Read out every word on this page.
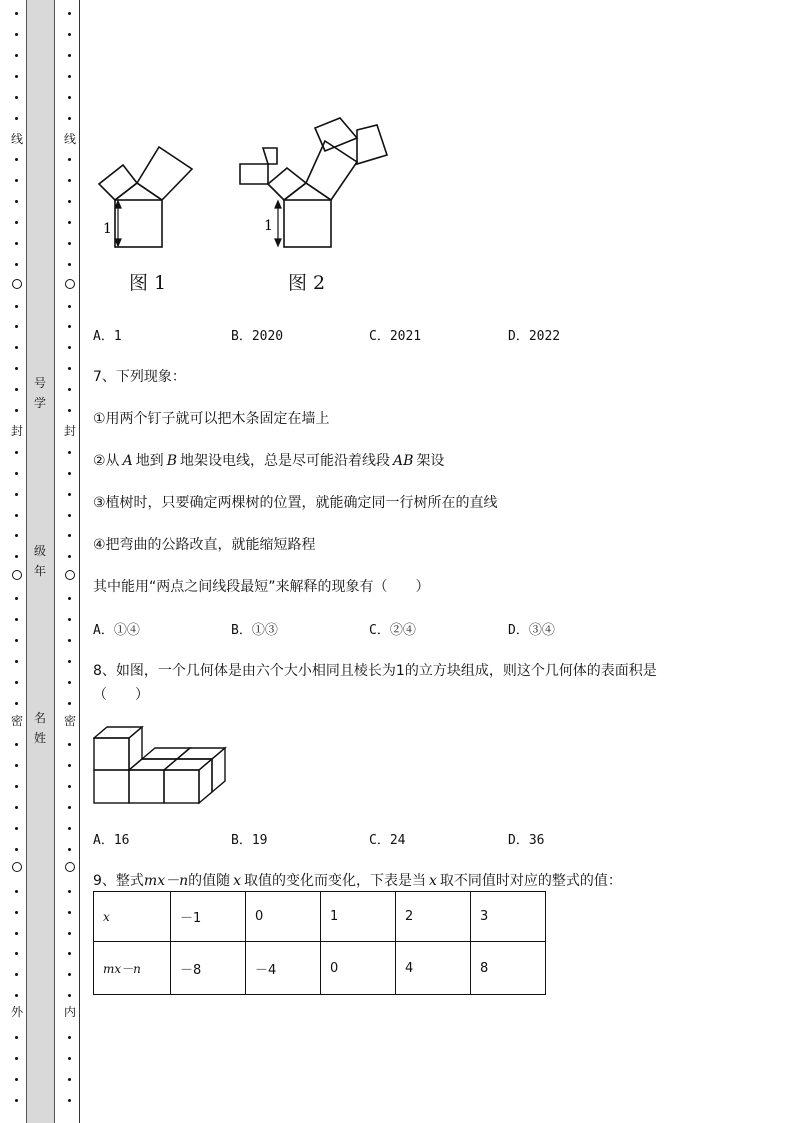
线
封
密
外
线
封
密
内
号学
级年
名姓
1	1
图 1	图 2
A．1	B．2020	C．2021	D．2022
7、下列现象：
①用两个钉子就可以把木条固定在墙上
②从 A 地到 B 地架设电线，总是尽可能沿着线段 AB 架设
③植树时，只要确定两棵树的位置，就能确定同一行树所在的直线
④把弯曲的公路改直，就能缩短路程
其中能用“两点之间线段最短”来解释的现象有（　　）
A．①④	B．①③	C．②④	D．③④
8、如图，一个几何体是由六个大小相同且棱长为1的立方块组成，则这个几何体的表面积是
（　　）
A．16	B．19	C．24	D．36
9、整式mx－n的值随 x 取值的变化而变化，下表是当 x 取不同值时对应的整式的值：
x	－1	0	1	2	3
mx－n	－8	－4	0	4	8
